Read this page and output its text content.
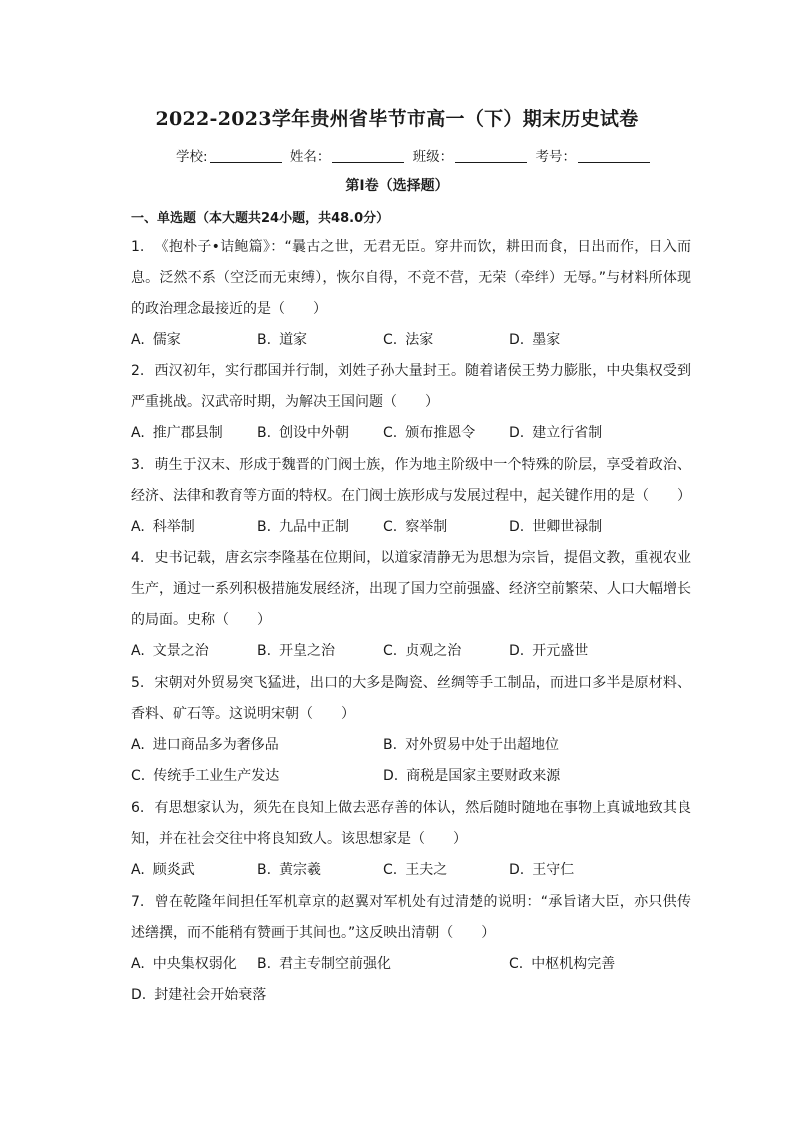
2022-2023学年贵州省毕节市高一（下）期末历史试卷
学校:	姓名：	班级：	考号：
第Ⅰ卷（选择题）
一、单选题（本大题共24小题，共48.0分）
1. 《抱朴子•诘鲍篇》：“曩古之世，无君无臣。穿井而饮，耕田而食，日出而作，日入而息。泛然不系（空泛而无束缚），恢尔自得，不竞不营，无荣（牵绊）无辱。”与材料所体现的政治理念最接近的是（　　）
A. 儒家	B. 道家	C. 法家	D. 墨家
2. 西汉初年，实行郡国并行制，刘姓子孙大量封王。随着诸侯王势力膨胀，中央集权受到严重挑战。汉武帝时期，为解决王国问题（　　）
A. 推广郡县制 B. 创设中外朝 C. 颁布推恩令 D. 建立行省制
3. 萌生于汉末、形成于魏晋的门阀士族，作为地主阶级中一个特殊的阶层，享受着政治、经济、法律和教育等方面的特权。在门阀士族形成与发展过程中，起关键作用的是（　　）
A. 科举制	B. 九品中正制 C. 察举制	D. 世卿世禄制
4. 史书记载，唐玄宗李隆基在位期间，以道家清静无为思想为宗旨，提倡文教，重视农业生产，通过一系列积极措施发展经济，出现了国力空前强盛、经济空前繁荣、人口大幅增长的局面。史称（　　）
A. 文景之治	B. 开皇之治	C. 贞观之治	D. 开元盛世
5. 宋朝对外贸易突飞猛进，出口的大多是陶瓷、丝绸等手工制品，而进口多半是原材料、香料、矿石等。这说明宋朝（　　）
A. 进口商品多为奢侈品	B. 对外贸易中处于出超地位
C. 传统手工业生产发达	D. 商税是国家主要财政来源
6. 有思想家认为，须先在良知上做去恶存善的体认，然后随时随地在事物上真诚地致其良知，并在社会交往中将良知致人。该思想家是（　　）
A. 顾炎武	B. 黄宗羲	C. 王夫之	D. 王守仁
7. 曾在乾隆年间担任军机章京的赵翼对军机处有过清楚的说明：“承旨诸大臣，亦只供传述缮撰，而不能稍有赞画于其间也。”这反映出清朝（　　）
A. 中央集权弱化 B. 君主专制空前强化	C. 中枢机构完善
D. 封建社会开始衰落
